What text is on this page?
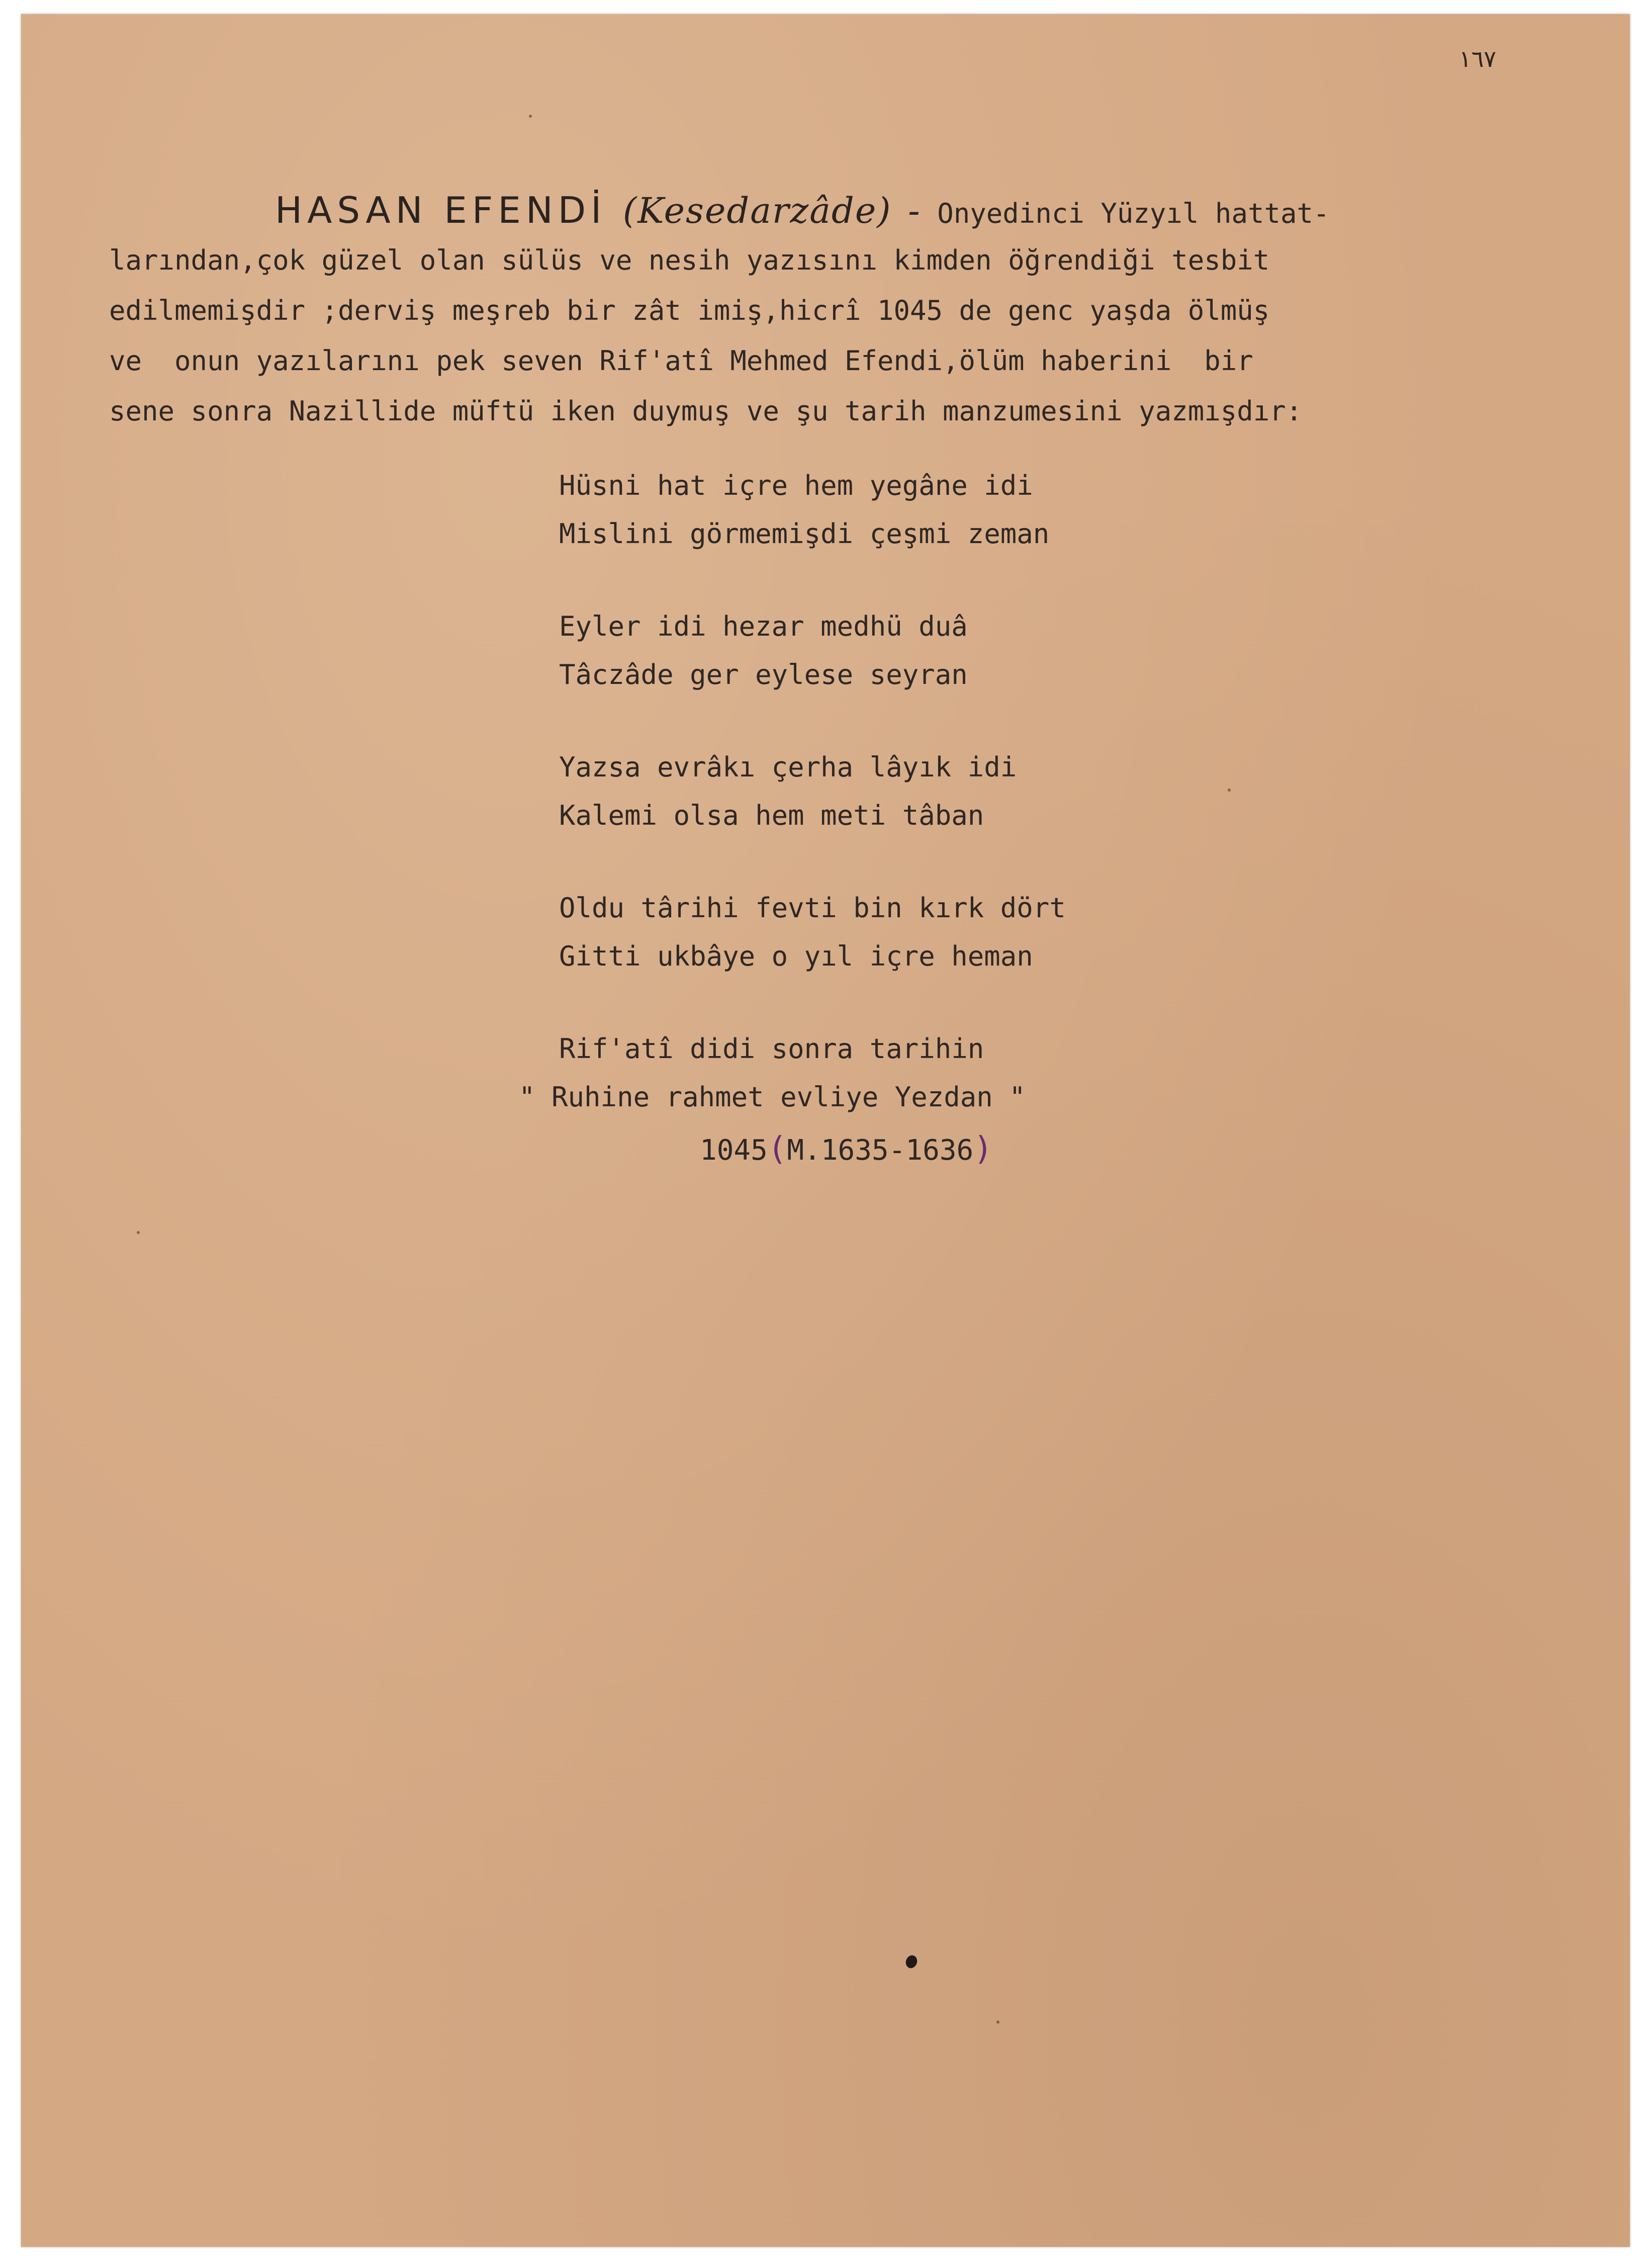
١٦٧
HASAN EFENDİ (Kesedarzâde) - Onyedinci Yüzyıl hattat-
larından,çok güzel olan sülüs ve nesih yazısını kimden öğrendiği tesbit
edilmemişdir ;derviş meşreb bir zât imiş,hicrî 1045 de genc yaşda ölmüş
ve  onun yazılarını pek seven Rif'atî Mehmed Efendi,ölüm haberini  bir
sene sonra Nazillide müftü iken duymuş ve şu tarih manzumesini yazmışdır:
Hüsni hat içre hem yegâne idi
Mislini görmemişdi çeşmi zeman
Eyler idi hezar medhü duâ
Tâczâde ger eylese seyran
Yazsa evrâkı çerha lâyık idi
Kalemi olsa hem meti tâban
Oldu târihi fevti bin kırk dört
Gitti ukbâye o yıl içre heman
Rif'atî didi sonra tarihin
" Ruhine rahmet evliye Yezdan "
1045(M.1635-1636)
